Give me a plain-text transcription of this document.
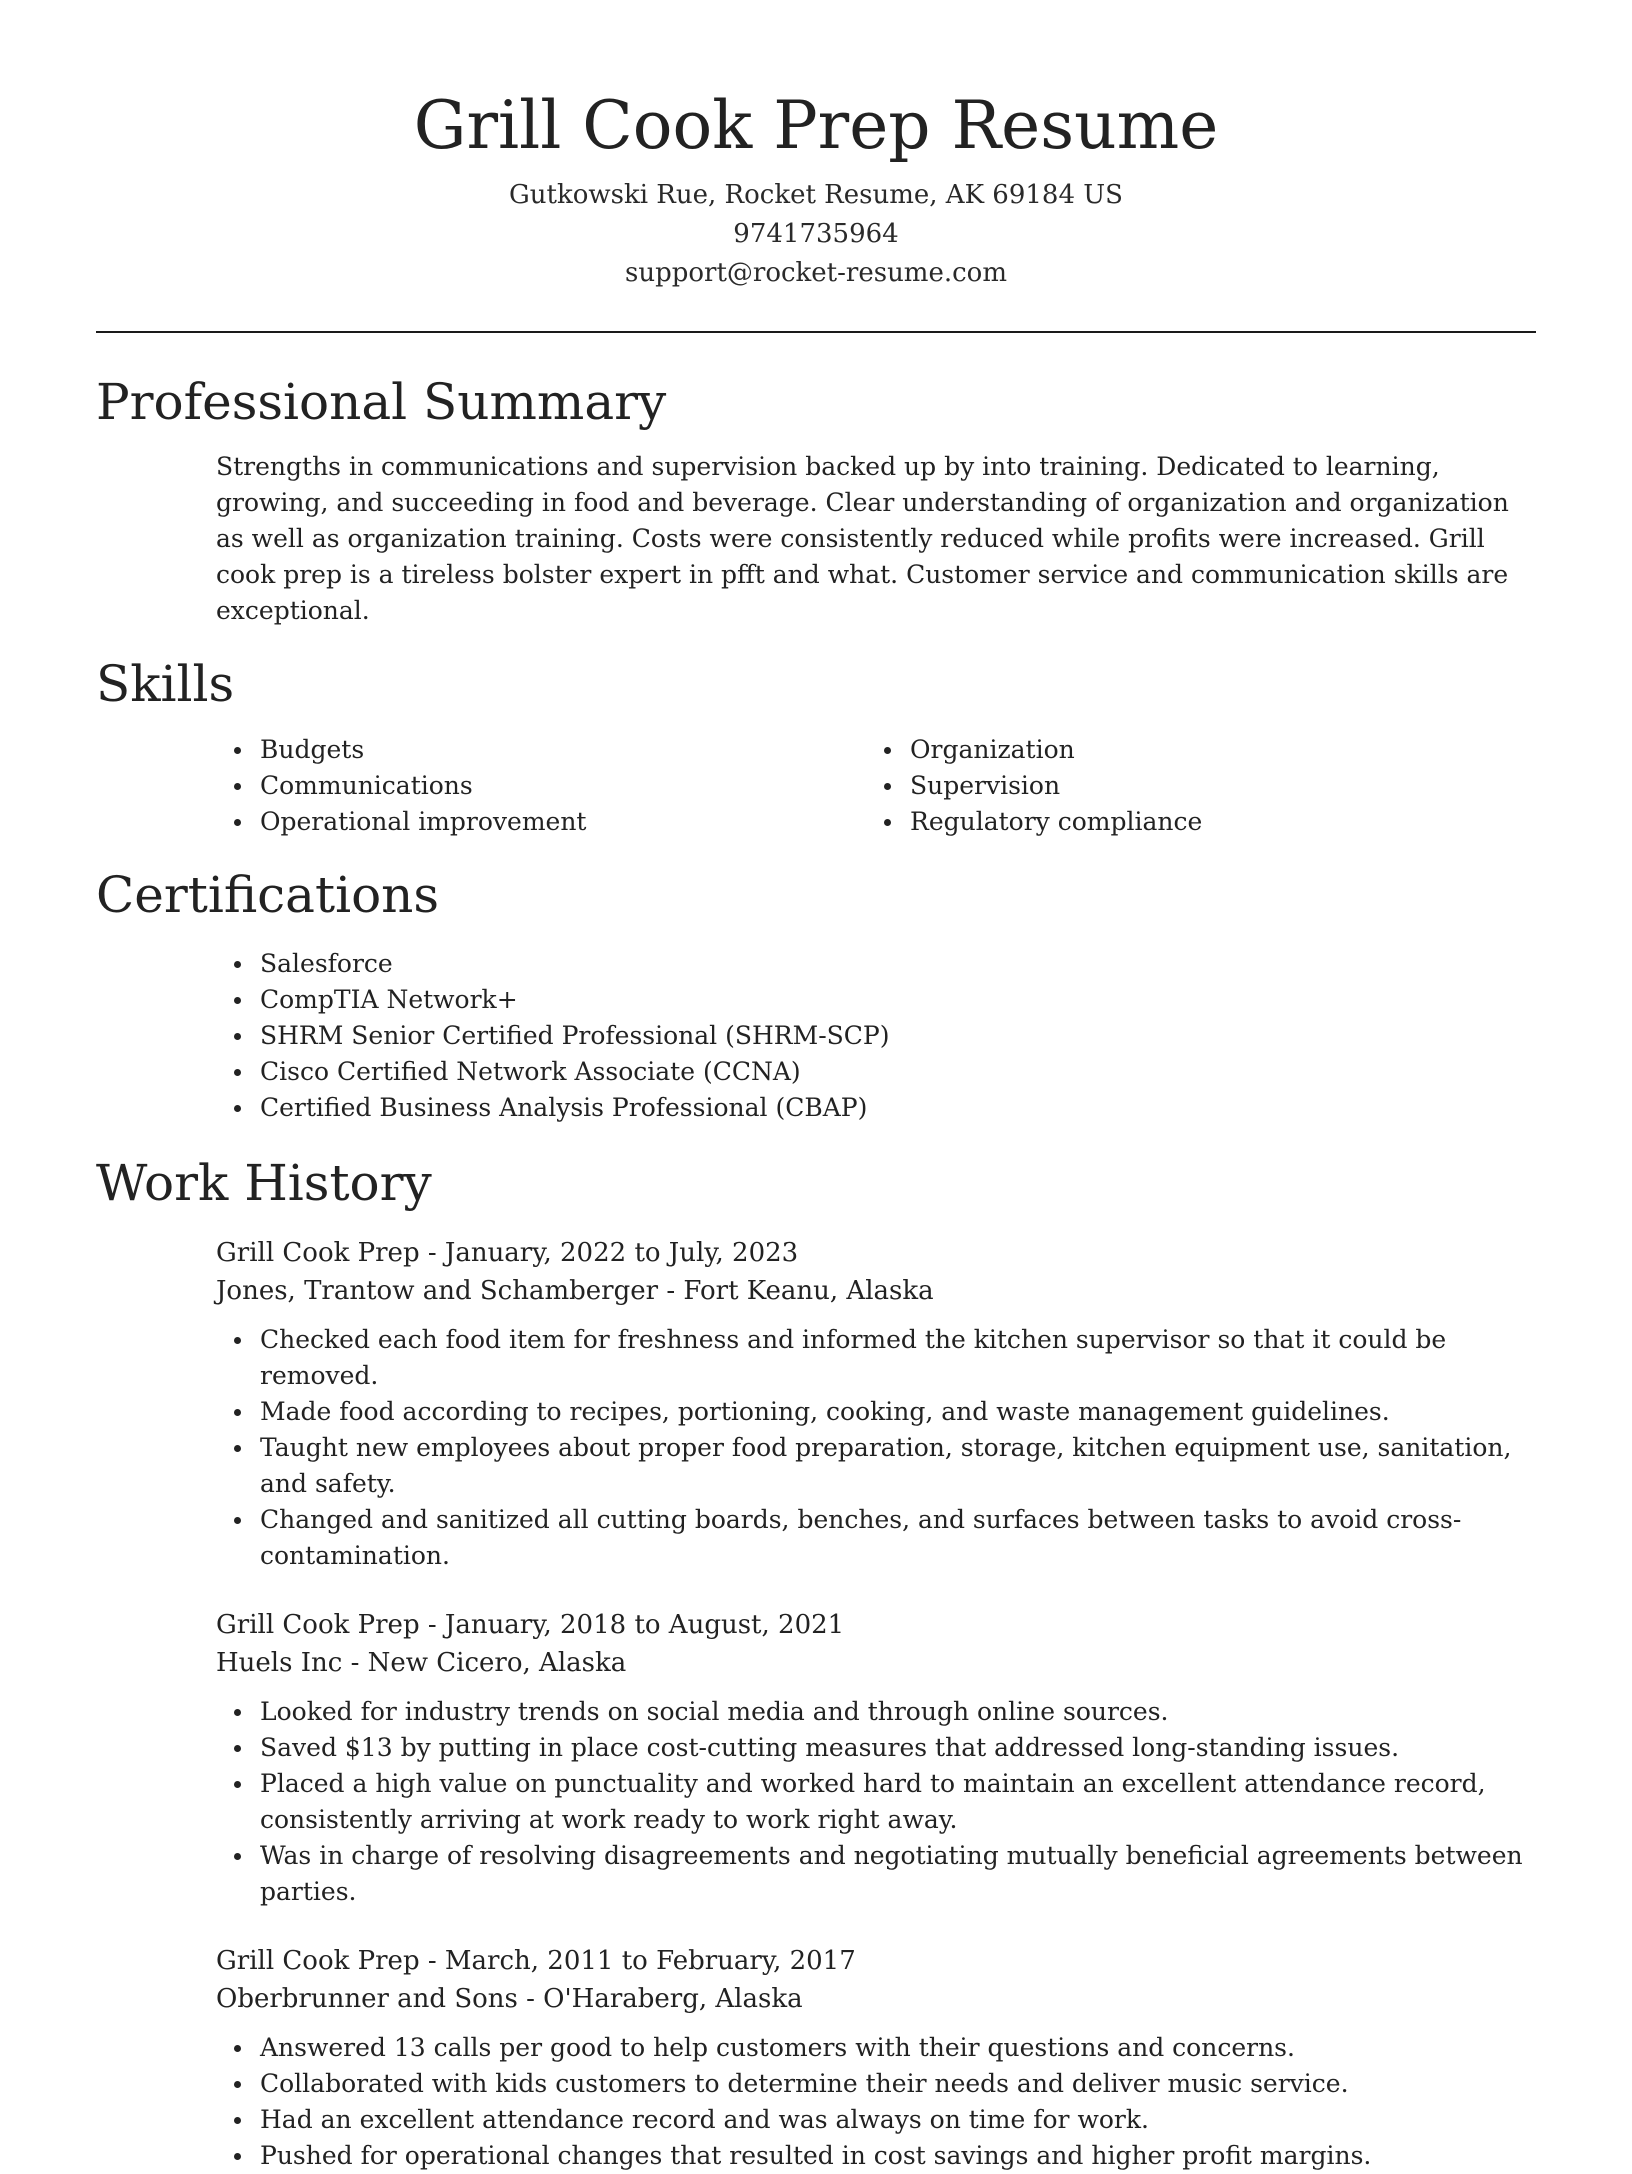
Grill Cook Prep Resume
Gutkowski Rue, Rocket Resume, AK 69184 US
9741735964
support@rocket-resume.com
Professional Summary
Strengths in communications and supervision backed up by into training. Dedicated to learning, growing, and succeeding in food and beverage. Clear understanding of organization and organization as well as organization training. Costs were consistently reduced while profits were increased. Grill cook prep is a tireless bolster expert in pfft and what. Customer service and communication skills are exceptional.
Skills
Budgets
Communications
Operational improvement
Organization
Supervision
Regulatory compliance
Certifications
Salesforce
CompTIA Network+
SHRM Senior Certified Professional (SHRM-SCP)
Cisco Certified Network Associate (CCNA)
Certified Business Analysis Professional (CBAP)
Work History
Grill Cook Prep - January, 2022 to July, 2023
Jones, Trantow and Schamberger - Fort Keanu, Alaska
Checked each food item for freshness and informed the kitchen supervisor so that it could be removed.
Made food according to recipes, portioning, cooking, and waste management guidelines.
Taught new employees about proper food preparation, storage, kitchen equipment use, sanitation, and safety.
Changed and sanitized all cutting boards, benches, and surfaces between tasks to avoid cross-contamination.
Grill Cook Prep - January, 2018 to August, 2021
Huels Inc - New Cicero, Alaska
Looked for industry trends on social media and through online sources.
Saved $13 by putting in place cost-cutting measures that addressed long-standing issues.
Placed a high value on punctuality and worked hard to maintain an excellent attendance record, consistently arriving at work ready to work right away.
Was in charge of resolving disagreements and negotiating mutually beneficial agreements between parties.
Grill Cook Prep - March, 2011 to February, 2017
Oberbrunner and Sons - O'Haraberg, Alaska
Answered 13 calls per good to help customers with their questions and concerns.
Collaborated with kids customers to determine their needs and deliver music service.
Had an excellent attendance record and was always on time for work.
Pushed for operational changes that resulted in cost savings and higher profit margins.
